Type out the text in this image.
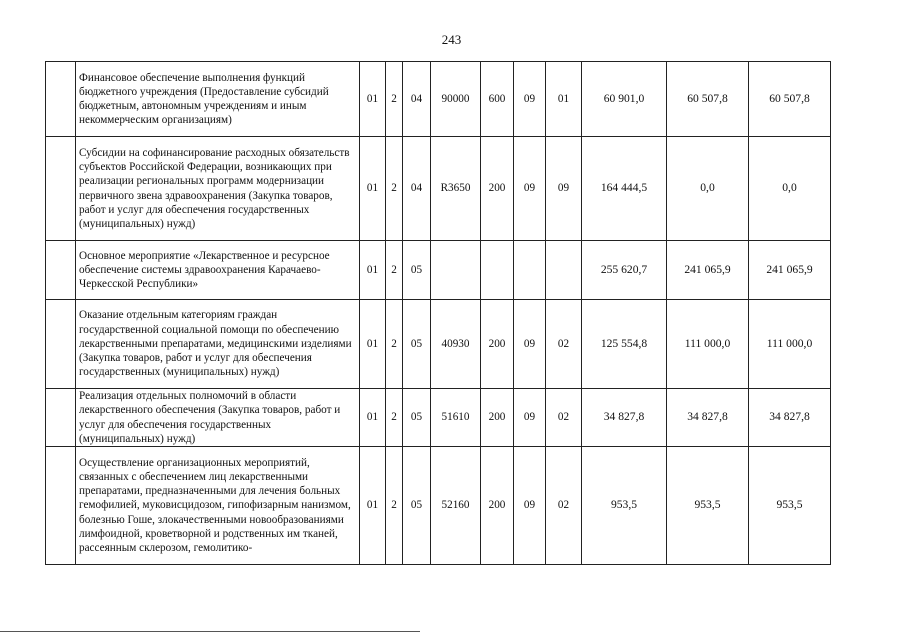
243
	Финансовое обеспечение выполнения функций бюджетного учреждения (Предоставление субсидий бюджетным, автономным учреждениям и иным некоммерческим организациям)	01	2	04	90000	600	09	01	60 901,0	60 507,8	60 507,8
	Субсидии на софинансирование расходных обязательств субъектов Российской Федерации, возникающих при реализации региональных программ модернизации первичного звена здравоохранения (Закупка товаров, работ и услуг для обеспечения государственных (муниципальных) нужд)	01	2	04	R3650	200	09	09	164 444,5	0,0	0,0
	Основное мероприятие «Лекарственное и ресурсное обеспечение системы здравоохранения Карачаево-Черкесской Республики»	01	2	05					255 620,7	241 065,9	241 065,9
	Оказание отдельным категориям граждан государственной социальной помощи по обеспечению лекарственными препаратами, медицинскими изделиями (Закупка товаров, работ и услуг для обеспечения государственных (муниципальных) нужд)	01	2	05	40930	200	09	02	125 554,8	111 000,0	111 000,0
	Реализация отдельных полномочий в области лекарственного обеспечения (Закупка товаров, работ и услуг для обеспечения государственных (муниципальных) нужд)	01	2	05	51610	200	09	02	34 827,8	34 827,8	34 827,8
	Осуществление организационных мероприятий, связанных с обеспечением лиц лекарственными препаратами, предназначенными для лечения больных гемофилией, муковисцидозом, гипофизарным нанизмом, болезнью Гоше, злокачественными новообразованиями лимфоидной, кроветворной и родственных им тканей, рассеянным склерозом, гемолитико-	01	2	05	52160	200	09	02	953,5	953,5	953,5
